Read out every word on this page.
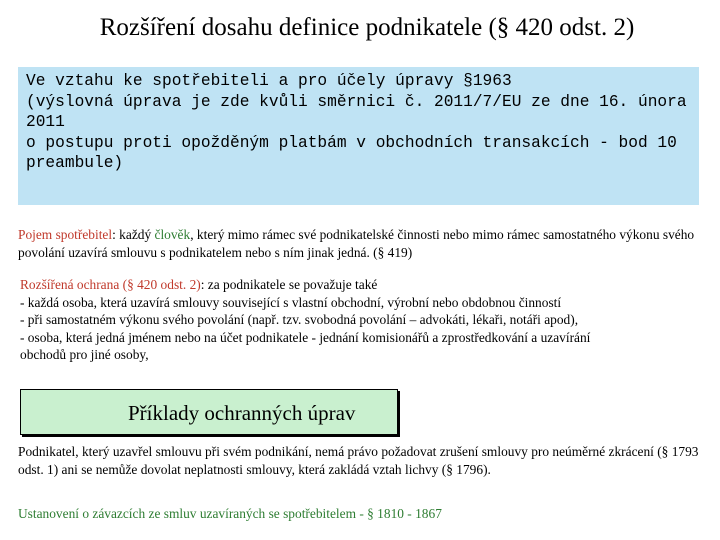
Rozšíření dosahu definice podnikatele (§ 420 odst. 2)
Ve vztahu ke spotřebiteli a pro účely úpravy §1963
(výslovná úprava je zde kvůli směrnici č. 2011/7/EU ze dne 16. února 2011
o postupu proti opožděným platbám v obchodních transakcích - bod 10
preambule)
Pojem spotřebitel: každý člověk, který mimo rámec své podnikatelské činnosti nebo mimo rámec samostatného výkonu svého povolání uzavírá smlouvu s podnikatelem nebo s ním jinak jedná. (§ 419)
Rozšířená ochrana (§ 420 odst. 2): za podnikatele se považuje také
- každá osoba, která uzavírá smlouvy související s vlastní obchodní, výrobní nebo obdobnou činností
- při samostatném výkonu svého povolání (např. tzv. svobodná povolání – advokáti, lékaři, notáři apod),
- osoba, která jedná jménem nebo na účet podnikatele - jednání komisionářů a zprostředkování a uzavírání
obchodů pro jiné osoby,
Příklady ochranných úprav
Podnikatel, který uzavřel smlouvu při svém podnikání, nemá právo požadovat zrušení smlouvy pro neúměrné zkrácení (§ 1793 odst. 1) ani se nemůže dovolat neplatnosti smlouvy, která zakládá vztah lichvy (§ 1796).
Ustanovení o závazcích ze smluv uzavíraných se spotřebitelem - § 1810 - 1867
